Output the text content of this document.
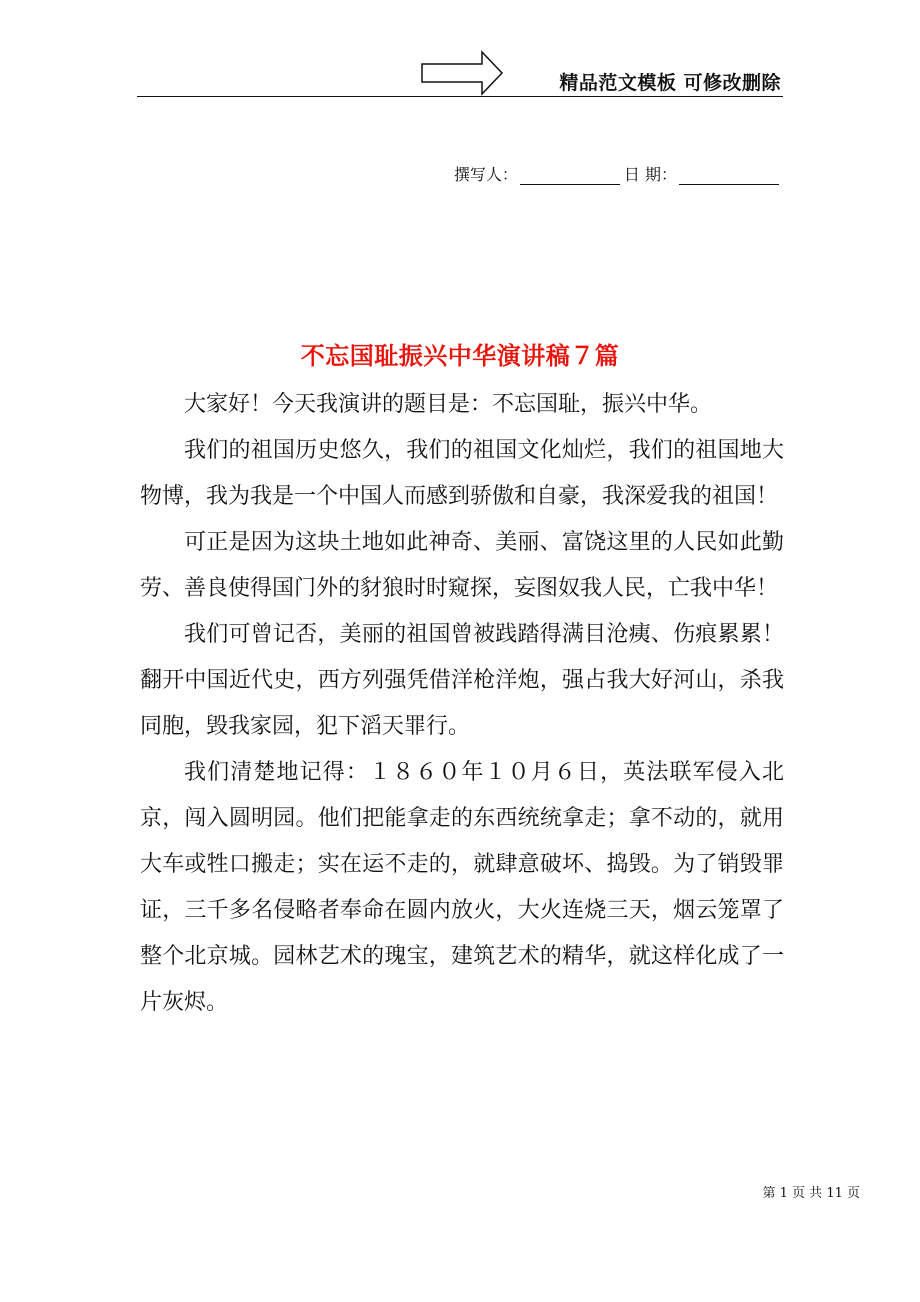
精品范文模板 可修改删除
撰写人：	日 期：
不忘国耻振兴中华演讲稿７篇

大家好！今天我演讲的题目是：不忘国耻，振兴中华。

我们的祖国历史悠久，我们的祖国文化灿烂，我们的祖国地大物博，我为我是一个中国人而感到骄傲和自豪，我深爱我的祖国！

可正是因为这块土地如此神奇、美丽、富饶这里的人民如此勤劳、善良使得国门外的豺狼时时窥探，妄图奴我人民，亡我中华！

我们可曾记否，美丽的祖国曾被践踏得满目沧痍、伤痕累累！翻开中国近代史，西方列强凭借洋枪洋炮，强占我大好河山，杀我同胞，毁我家园，犯下滔天罪行。

我们清楚地记得：１８６０年１０月６日，英法联军侵入北京，闯入圆明园。他们把能拿走的东西统统拿走；拿不动的，就用大车或牲口搬走；实在运不走的，就肆意破坏、捣毁。为了销毁罪证，三千多名侵略者奉命在圆内放火，大火连烧三天，烟云笼罩了整个北京城。园林艺术的瑰宝，建筑艺术的精华，就这样化成了一片灰烬。

第 1 页 共 11 页
